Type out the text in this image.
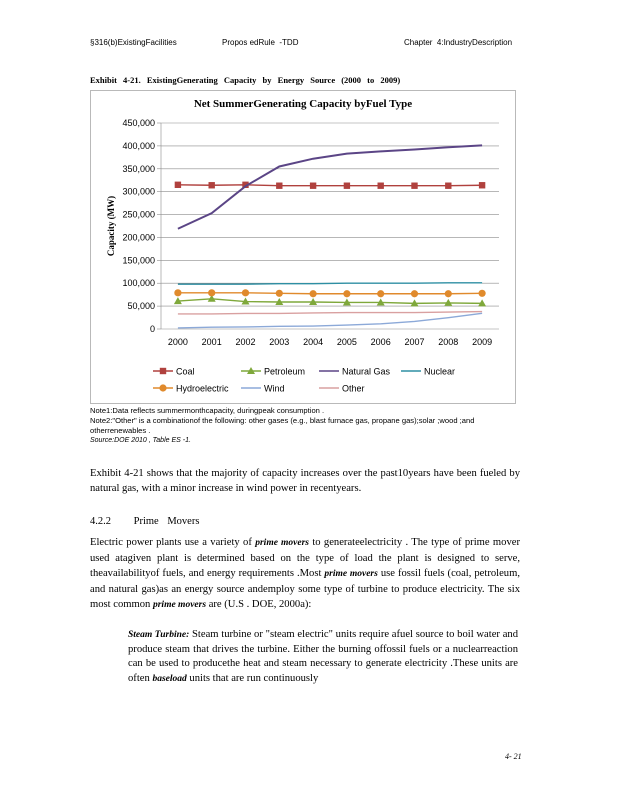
§316(b)ExistingFacilities	Propos edRule  -TDD	Chapter  4:IndustryDescription
Exhibit 4-21. ExistingGenerating Capacity by Energy Source (2000 to 2009)
Net SummerGenerating Capacity byFuel Type
Capacity (MW)
0
50,000
100,000
150,000
200,000
250,000
300,000
350,000
400,000
450,000
2000 2001 2002 2003 2004 2005 2006 2007 2008 2009
Coal	Petroleum	Natural Gas	Nuclear
Hydroelectric	Wind	Other
Note1:Data reflects summermonthcapacity, duringpeak consumption .
Note2:"Other" is a combinationof the following: other gases (e.g., blast furnace gas, propane gas);solar ;wood ;and otherrenewables .
Source:DOE 2010 , Table ES -1.
Exhibit 4-21 shows that the majority of capacity increases over the past10years have been fueled by natural gas, with a minor increase in wind power in recentyears.
4.2.2 Prime Movers
Electric power plants use a variety of prime movers to generateelectricity . The type of prime mover used atagiven plant is determined based on the type of load the plant is designed to serve, theavailabilityof fuels, and energy requirements .Most prime movers use fossil fuels (coal, petroleum, and natural gas)as an energy source andemploy some type of turbine to produce electricity. The six most common prime movers are (U.S . DOE, 2000a):
Steam Turbine: Steam turbine or "steam electric" units require afuel source to boil water and produce steam that drives the turbine. Either the burning offossil fuels or a nuclearreaction can be used to producethe heat and steam necessary to generate electricity .These units are often baseload units that are run continuously
4- 21
